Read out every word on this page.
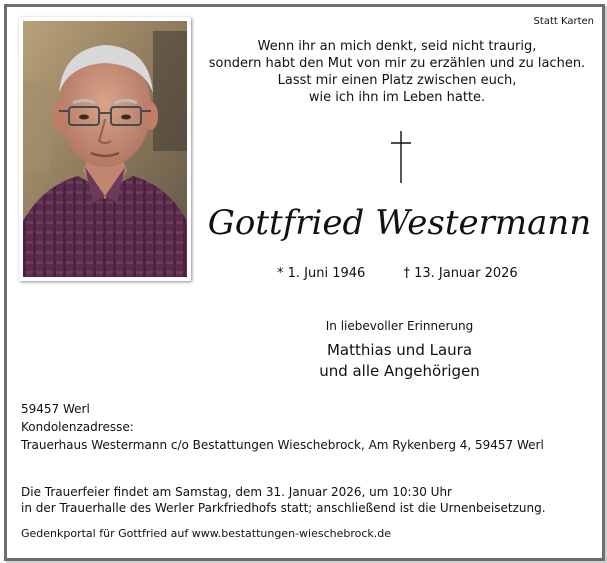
Statt Karten
Wenn ihr an mich denkt, seid nicht traurig,
sondern habt den Mut von mir zu erzählen und zu lachen.
Lasst mir einen Platz zwischen euch,
wie ich ihn im Leben hatte.
Gottfried Westermann
* 1. Juni 1946	† 13. Januar 2026
In liebevoller Erinnerung
Matthias und Laura
und alle Angehörigen
59457 Werl
Kondolenzadresse:
Trauerhaus Westermann c/o Bestattungen Wieschebrock, Am Rykenberg 4, 59457 Werl
Die Trauerfeier findet am Samstag, dem 31. Januar 2026, um 10:30 Uhr
in der Trauerhalle des Werler Parkfriedhofs statt; anschließend ist die Urnenbeisetzung.
Gedenkportal für Gottfried auf www.bestattungen-wieschebrock.de
